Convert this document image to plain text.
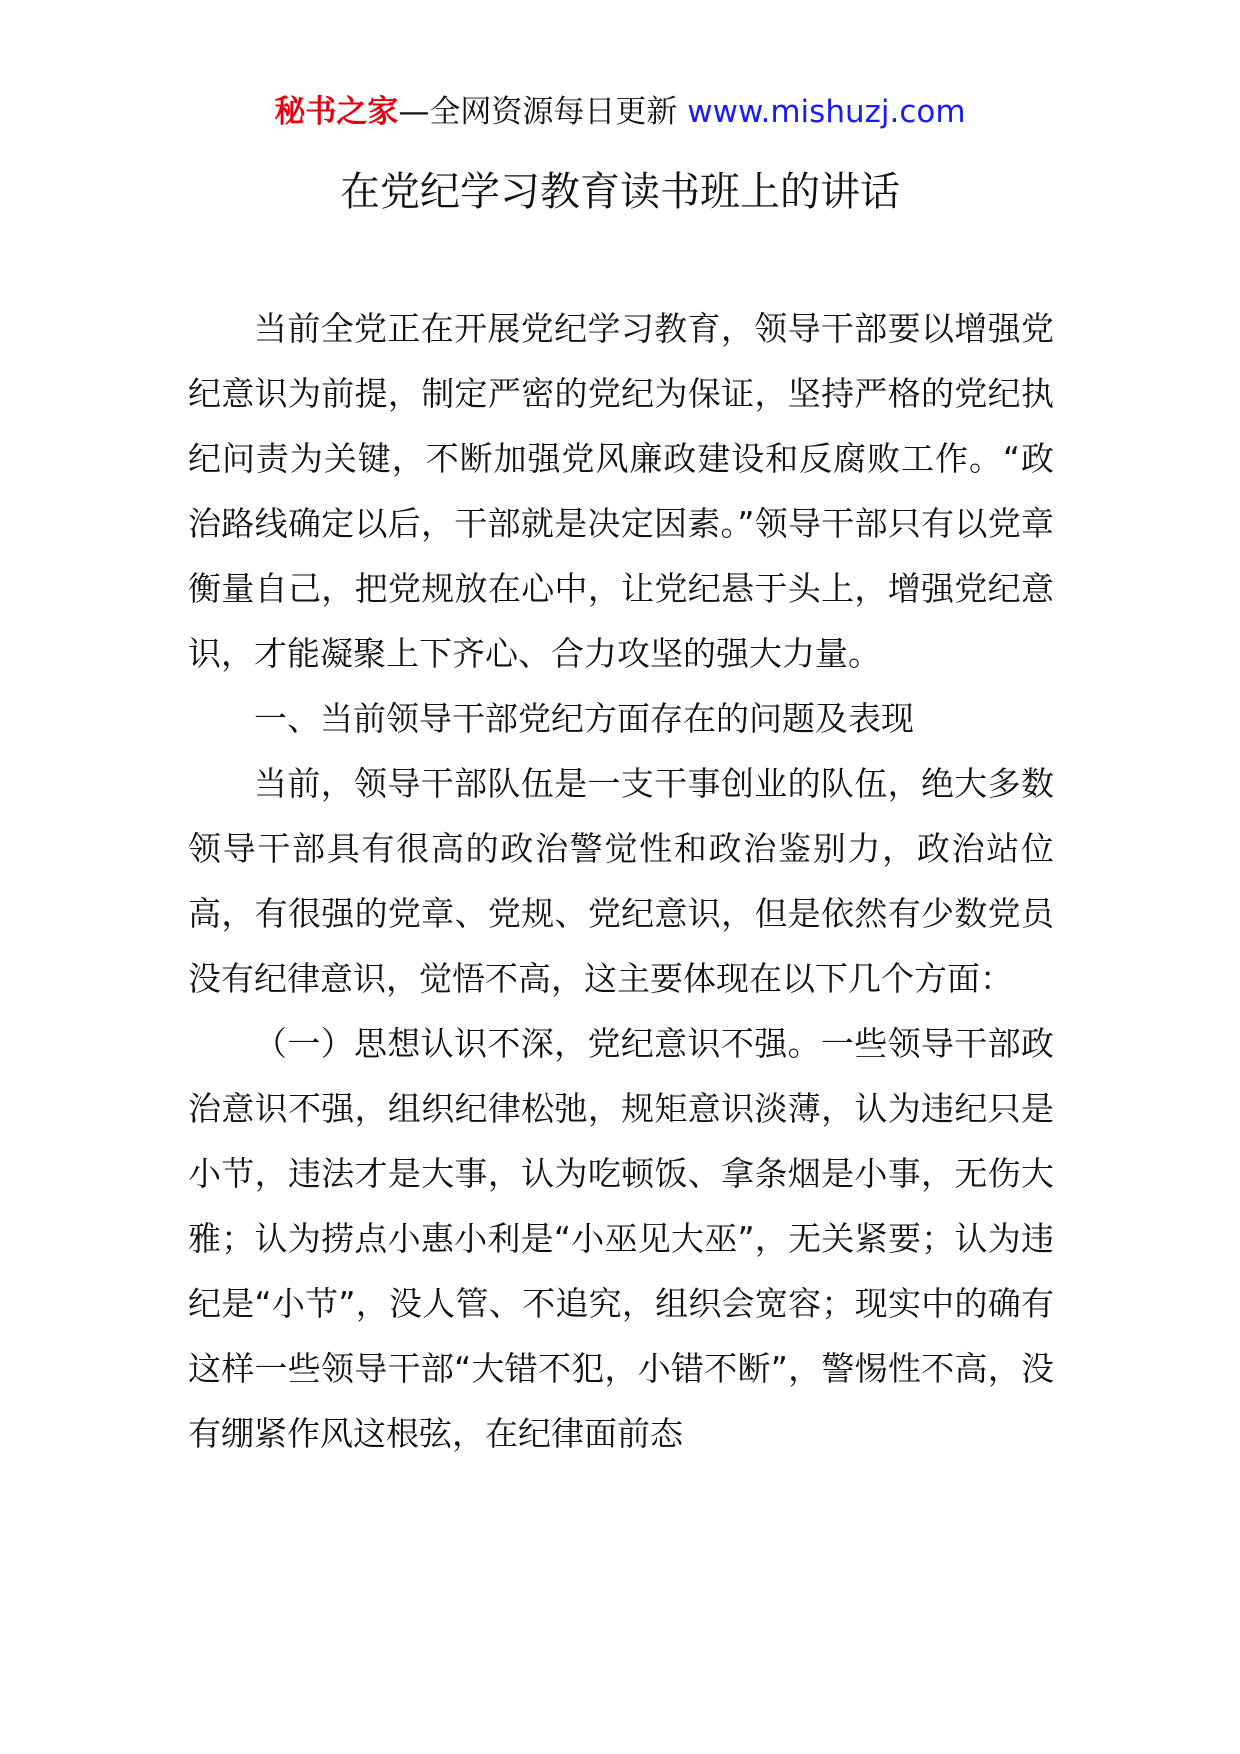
秘书之家—全网资源每日更新 www.mishuzj.com
在党纪学习教育读书班上的讲话

当前全党正在开展党纪学习教育，领导干部要以增强党纪意识为前提，制定严密的党纪为保证，坚持严格的党纪执纪问责为关键，不断加强党风廉政建设和反腐败工作。“政治路线确定以后，干部就是决定因素。”领导干部只有以党章衡量自己，把党规放在心中，让党纪悬于头上，增强党纪意识，才能凝聚上下齐心、合力攻坚的强大力量。

一、当前领导干部党纪方面存在的问题及表现

当前，领导干部队伍是一支干事创业的队伍，绝大多数领导干部具有很高的政治警觉性和政治鉴别力，政治站位高，有很强的党章、党规、党纪意识，但是依然有少数党员没有纪律意识，觉悟不高，这主要体现在以下几个方面：

（一）思想认识不深，党纪意识不强。一些领导干部政治意识不强，组织纪律松弛，规矩意识淡薄，认为违纪只是小节，违法才是大事，认为吃顿饭、拿条烟是小事，无伤大雅；认为捞点小惠小利是“小巫见大巫”，无关紧要；认为违纪是“小节”，没人管、不追究，组织会宽容；现实中的确有这样一些领导干部“大错不犯，小错不断”，警惕性不高，没有绷紧作风这根弦，在纪律面前态
